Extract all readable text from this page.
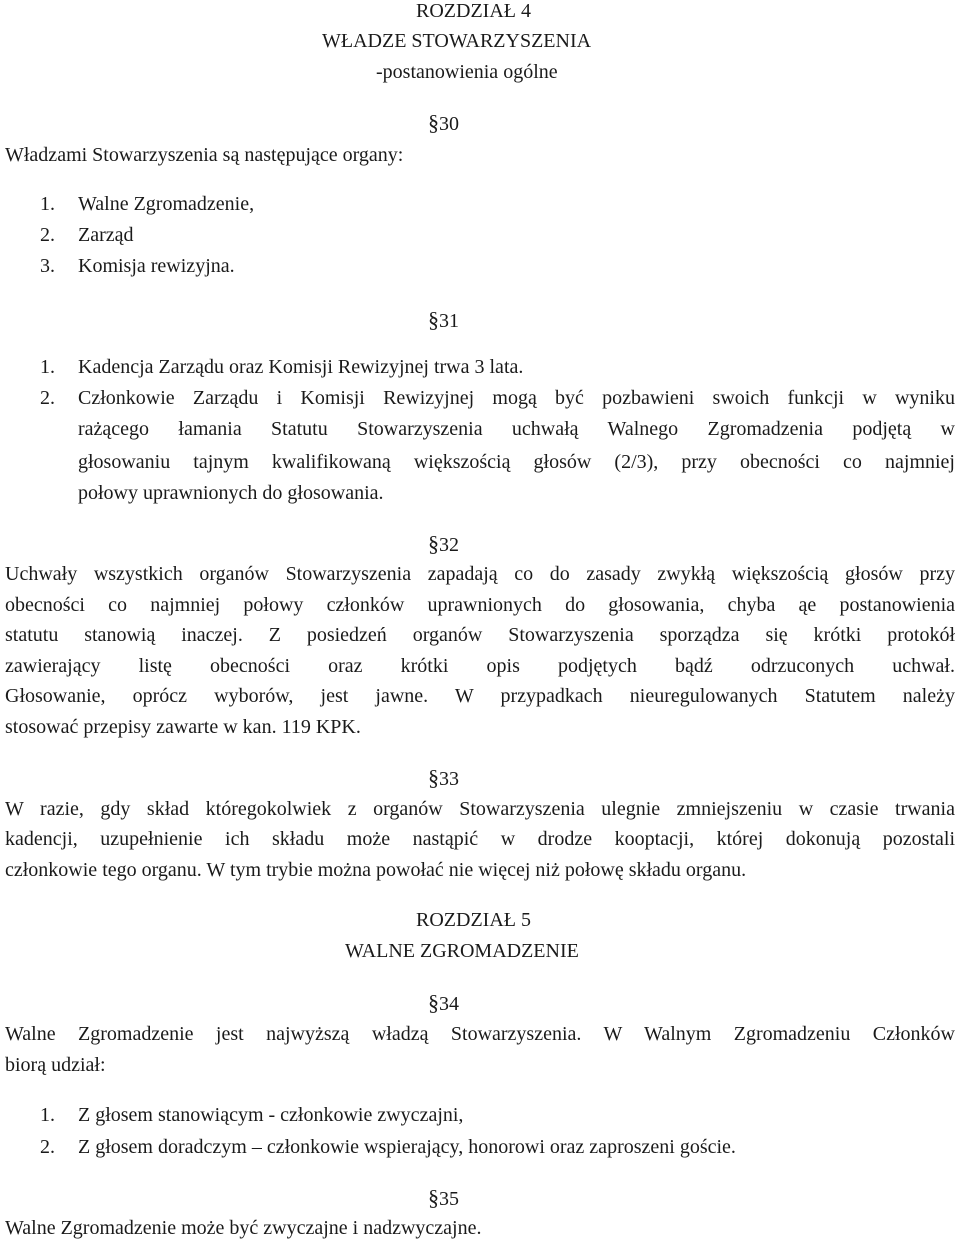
ROZDZIAŁ 4
WŁADZE STOWARZYSZENIA
-postanowienia ogólne
§30
Władzami Stowarzyszenia są następujące organy:
1. Walne Zgromadzenie,
2. Zarząd
3. Komisja rewizyjna.
§31
1. Kadencja Zarządu oraz Komisji Rewizyjnej trwa 3 lata.
2. Członkowie Zarządu i Komisji Rewizyjnej mogą być pozbawieni swoich funkcji w wyniku
rażącego łamania Statutu Stowarzyszenia uchwałą Walnego Zgromadzenia podjętą w
głosowaniu tajnym kwalifikowaną większością głosów (2/3), przy obecności co najmniej
połowy uprawnionych do głosowania.
§32
Uchwały wszystkich organów Stowarzyszenia zapadają co do zasady zwykłą większością głosów przy
obecności co najmniej połowy członków uprawnionych do głosowania, chyba ąe postanowienia
statutu stanowią inaczej. Z posiedzeń organów Stowarzyszenia sporządza się krótki protokół
zawierający listę obecności oraz krótki opis podjętych bądź odrzuconych uchwał.
Głosowanie, oprócz wyborów, jest jawne. W przypadkach nieuregulowanych Statutem należy
stosować przepisy zawarte w kan. 119 KPK.
§33
W razie, gdy skład któregokolwiek z organów Stowarzyszenia ulegnie zmniejszeniu w czasie trwania
kadencji, uzupełnienie ich składu może nastąpić w drodze kooptacji, której dokonują pozostali
członkowie tego organu. W tym trybie można powołać nie więcej niż połowę składu organu.
ROZDZIAŁ 5
WALNE ZGROMADZENIE
§34
Walne Zgromadzenie jest najwyższą władzą Stowarzyszenia. W Walnym Zgromadzeniu Członków
biorą udział:
1. Z głosem stanowiącym - członkowie zwyczajni,
2. Z głosem doradczym – członkowie wspierający, honorowi oraz zaproszeni goście.
§35
Walne Zgromadzenie może być zwyczajne i nadzwyczajne.
